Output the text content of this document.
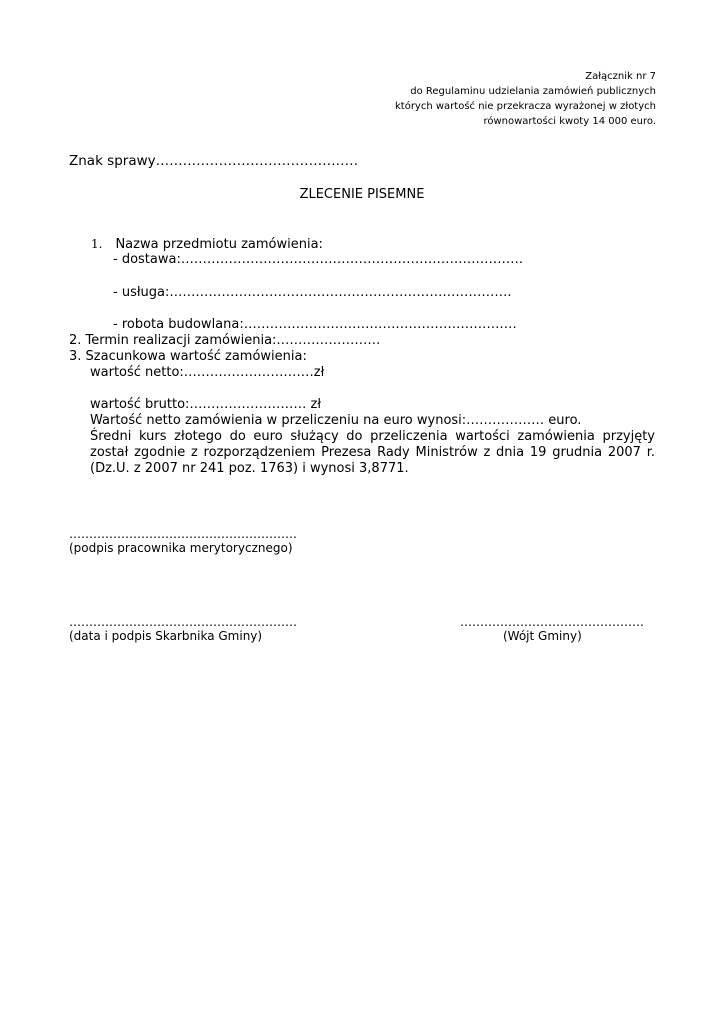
Załącznik nr 7
do Regulaminu udzielania zamówień publicznych
których wartość nie przekracza wyrażonej w złotych
równowartości kwoty 14 000 euro.
Znak sprawy………………………………………
ZLECENIE PISEMNE
1. Nazwa przedmiotu zamówienia:
- dostawa:…………………………………………………………………….
- usługa:…………………………………………………………………….
- robota budowlana:………………………………………………………
2. Termin realizacji zamówienia:……………………
3. Szacunkowa wartość zamówienia:
wartość netto:…………………………zł
wartość brutto:……………………… zł
Wartość netto zamówienia w przeliczeniu na euro wynosi:……………… euro.
Średni kurs złotego do euro służący do przeliczenia wartości zamówienia przyjęty został zgodnie z rozporządzeniem Prezesa Rady Ministrów z dnia 19 grudnia 2007 r. (Dz.U. z 2007 nr 241 poz. 1763) i wynosi 3,8771.
…………………………………………………
(podpis pracownika merytorycznego)
…………………………………………………
(data i podpis Skarbnika Gminy)
……………………………………….
(Wójt Gminy)
